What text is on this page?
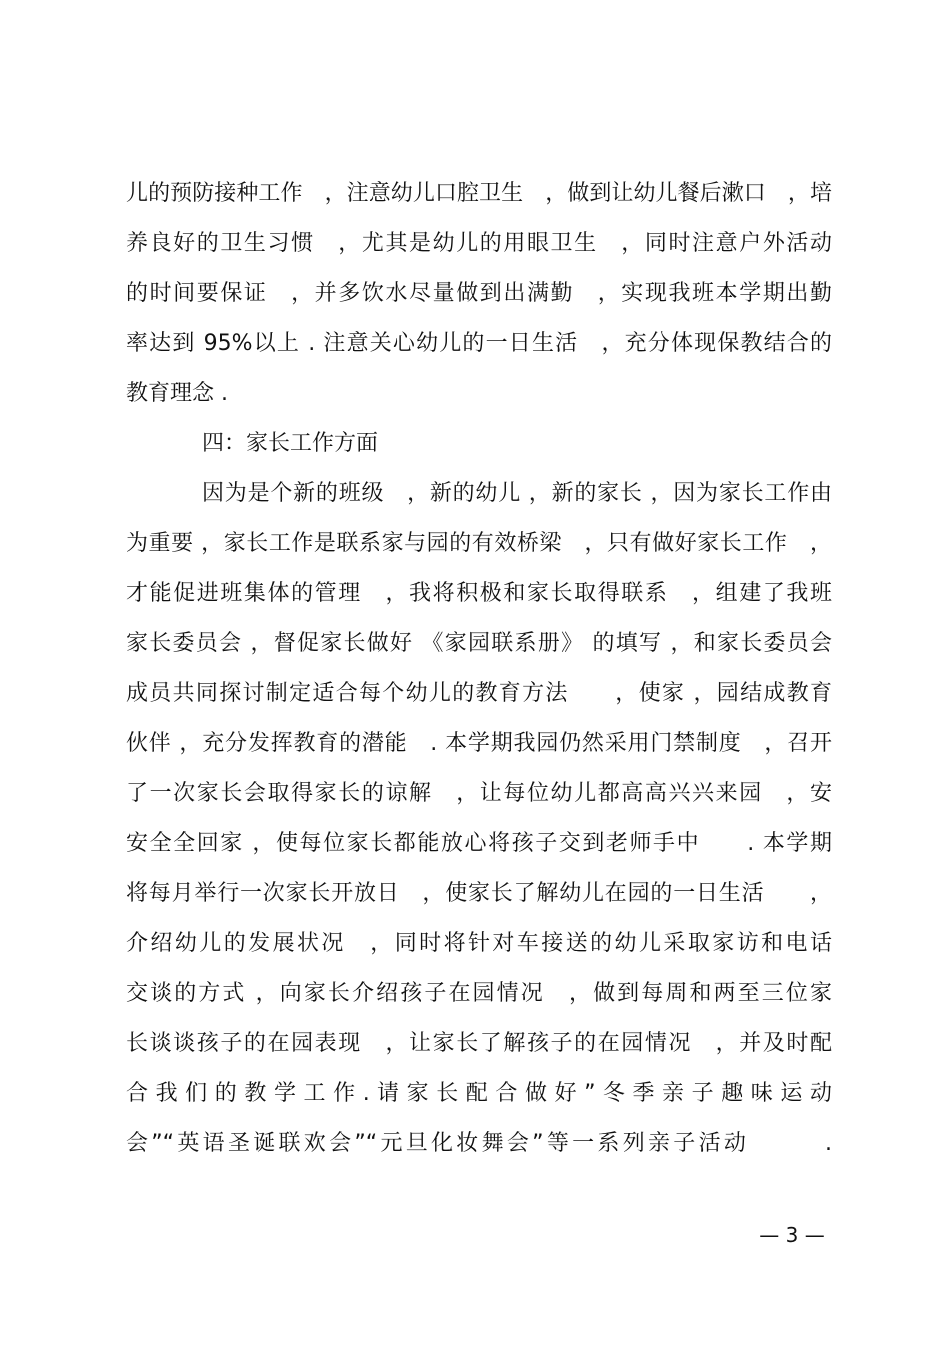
儿的预防接种工作　，注意幼儿口腔卫生　，做到让幼儿餐后漱口　，培
养良好的卫生习惯　，尤其是幼儿的用眼卫生　，同时注意户外活动
的时间要保证　，并多饮水尽量做到出满勤　，实现我班本学期出勤
率达到 95%以上 . 注意关心幼儿的一日生活　，充分体现保教结合的
教育理念 .
四：家长工作方面
因为是个新的班级　，新的幼儿 ，新的家长 ，因为家长工作由
为重要 ，家长工作是联系家与园的有效桥梁　，只有做好家长工作　，
才能促进班集体的管理　，我将积极和家长取得联系　，组建了我班
家长委员会 ，督促家长做好 《家园联系册》 的填写 ，和家长委员会
成员共同探讨制定适合每个幼儿的教育方法　　，使家 ，园结成教育
伙伴 ，充分发挥教育的潜能　. 本学期我园仍然采用门禁制度　，召开
了一次家长会取得家长的谅解　，让每位幼儿都高高兴兴来园　，安
安全全回家 ，使每位家长都能放心将孩子交到老师手中　　. 本学期
将每月举行一次家长开放日　，使家长了解幼儿在园的一日生活　　，
介绍幼儿的发展状况　，同时将针对车接送的幼儿采取家访和电话
交谈的方式 ，向家长介绍孩子在园情况　，做到每周和两至三位家
长谈谈孩子的在园表现　，让家长了解孩子的在园情况　，并及时配
合 我 们 的 教 学 工 作 . 请 家 长 配 合 做 好 ” 冬 季 亲 子 趣 味 运 动
会”“英语圣诞联欢会”“元旦化妆舞会”等一系列亲子活动　　　.
— 3 —
